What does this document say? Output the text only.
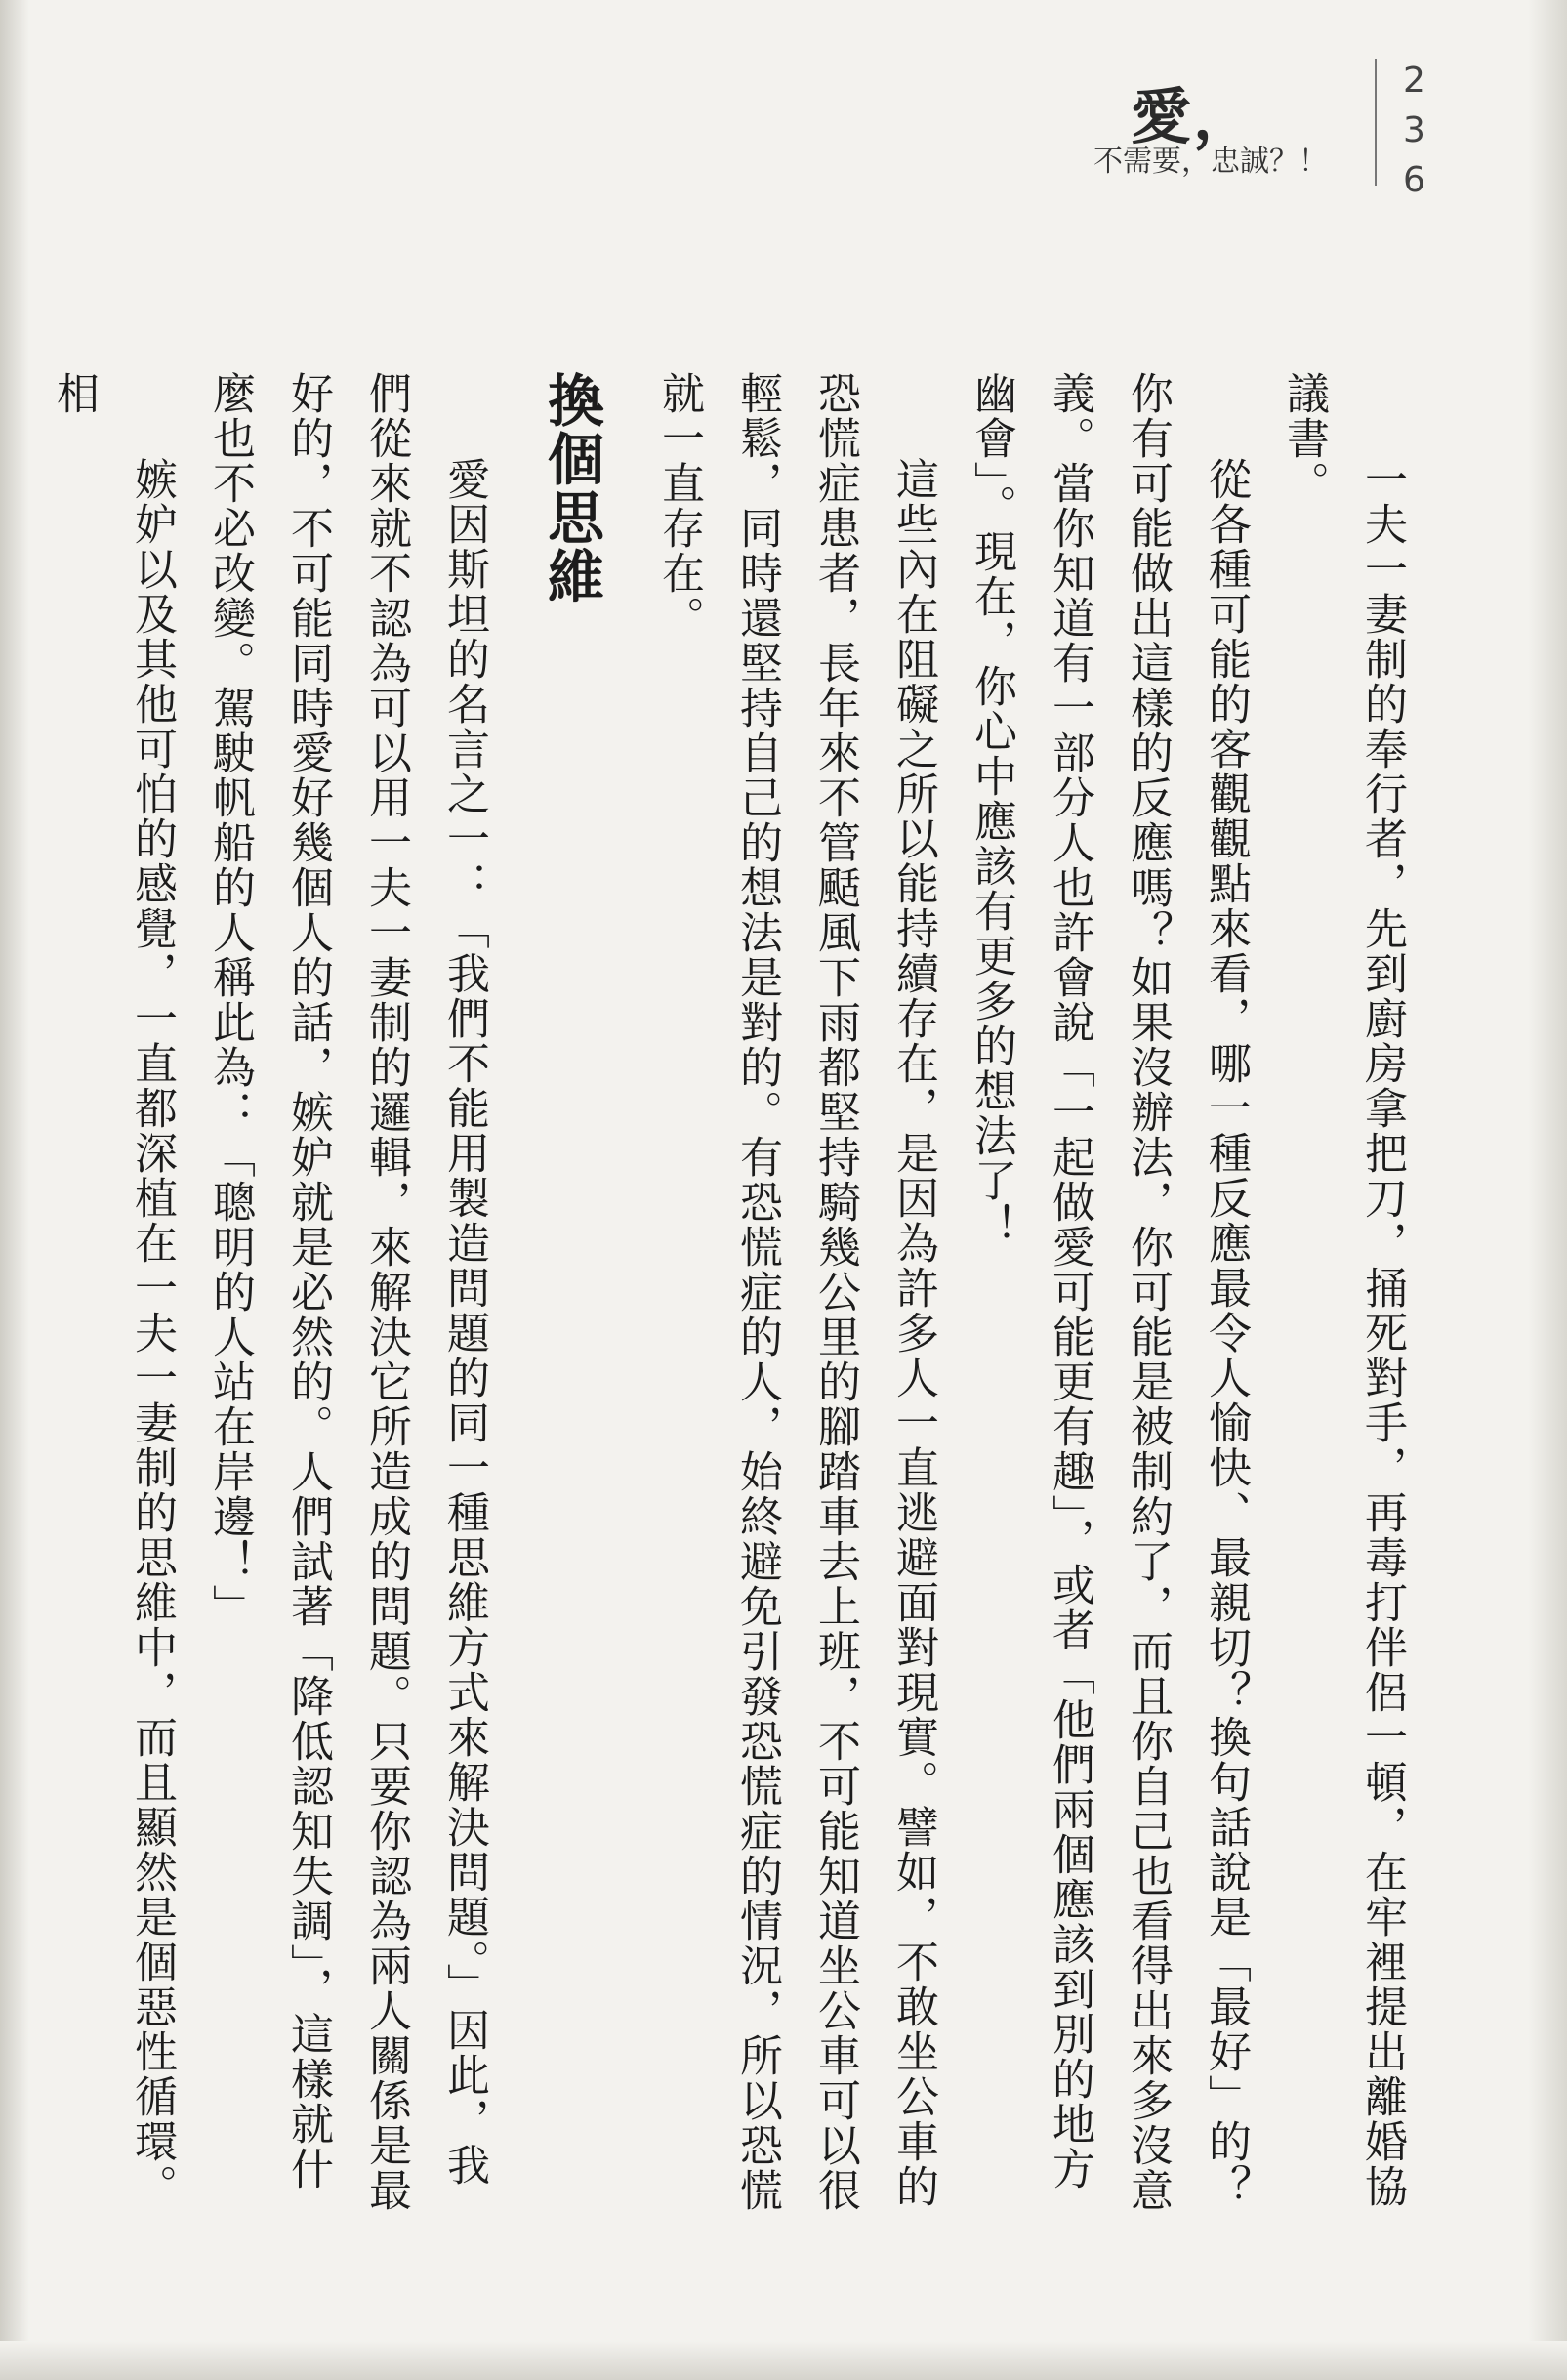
愛，
不需要，忠誠？！ 236

一夫一妻制的奉行者，先到廚房拿把刀，捅死對手，再毒打伴侶一頓，在牢裡提出離婚協議書。

從各種可能的客觀觀點來看，哪一種反應最令人愉快、最親切？換句話說是「最好」的？你有可能做出這樣的反應嗎？如果沒辦法，你可能是被制約了，而且你自己也看得出來多沒意義。當你知道有一部分人也許會說「一起做愛可能更有趣」，或者「他們兩個應該到別的地方幽會」。現在，你心中應該有更多的想法了！

這些內在阻礙之所以能持續存在，是因為許多人一直逃避面對現實。譬如，不敢坐公車的恐慌症患者，長年來不管颳風下雨都堅持騎幾公里的腳踏車去上班，不可能知道坐公車可以很輕鬆，同時還堅持自己的想法是對的。有恐慌症的人，始終避免引發恐慌症的情況，所以恐慌就一直存在。

換個思維

愛因斯坦的名言之一：「我們不能用製造問題的同一種思維方式來解決問題。」因此，我們從來就不認為可以用一夫一妻制的邏輯，來解決它所造成的問題。只要你認為兩人關係是最好的，不可能同時愛好幾個人的話，嫉妒就是必然的。人們試著「降低認知失調」，這樣就什麼也不必改變。駕駛帆船的人稱此為：「聰明的人站在岸邊！」

嫉妒以及其他可怕的感覺，一直都深植在一夫一妻制的思維中，而且顯然是個惡性循環。相
